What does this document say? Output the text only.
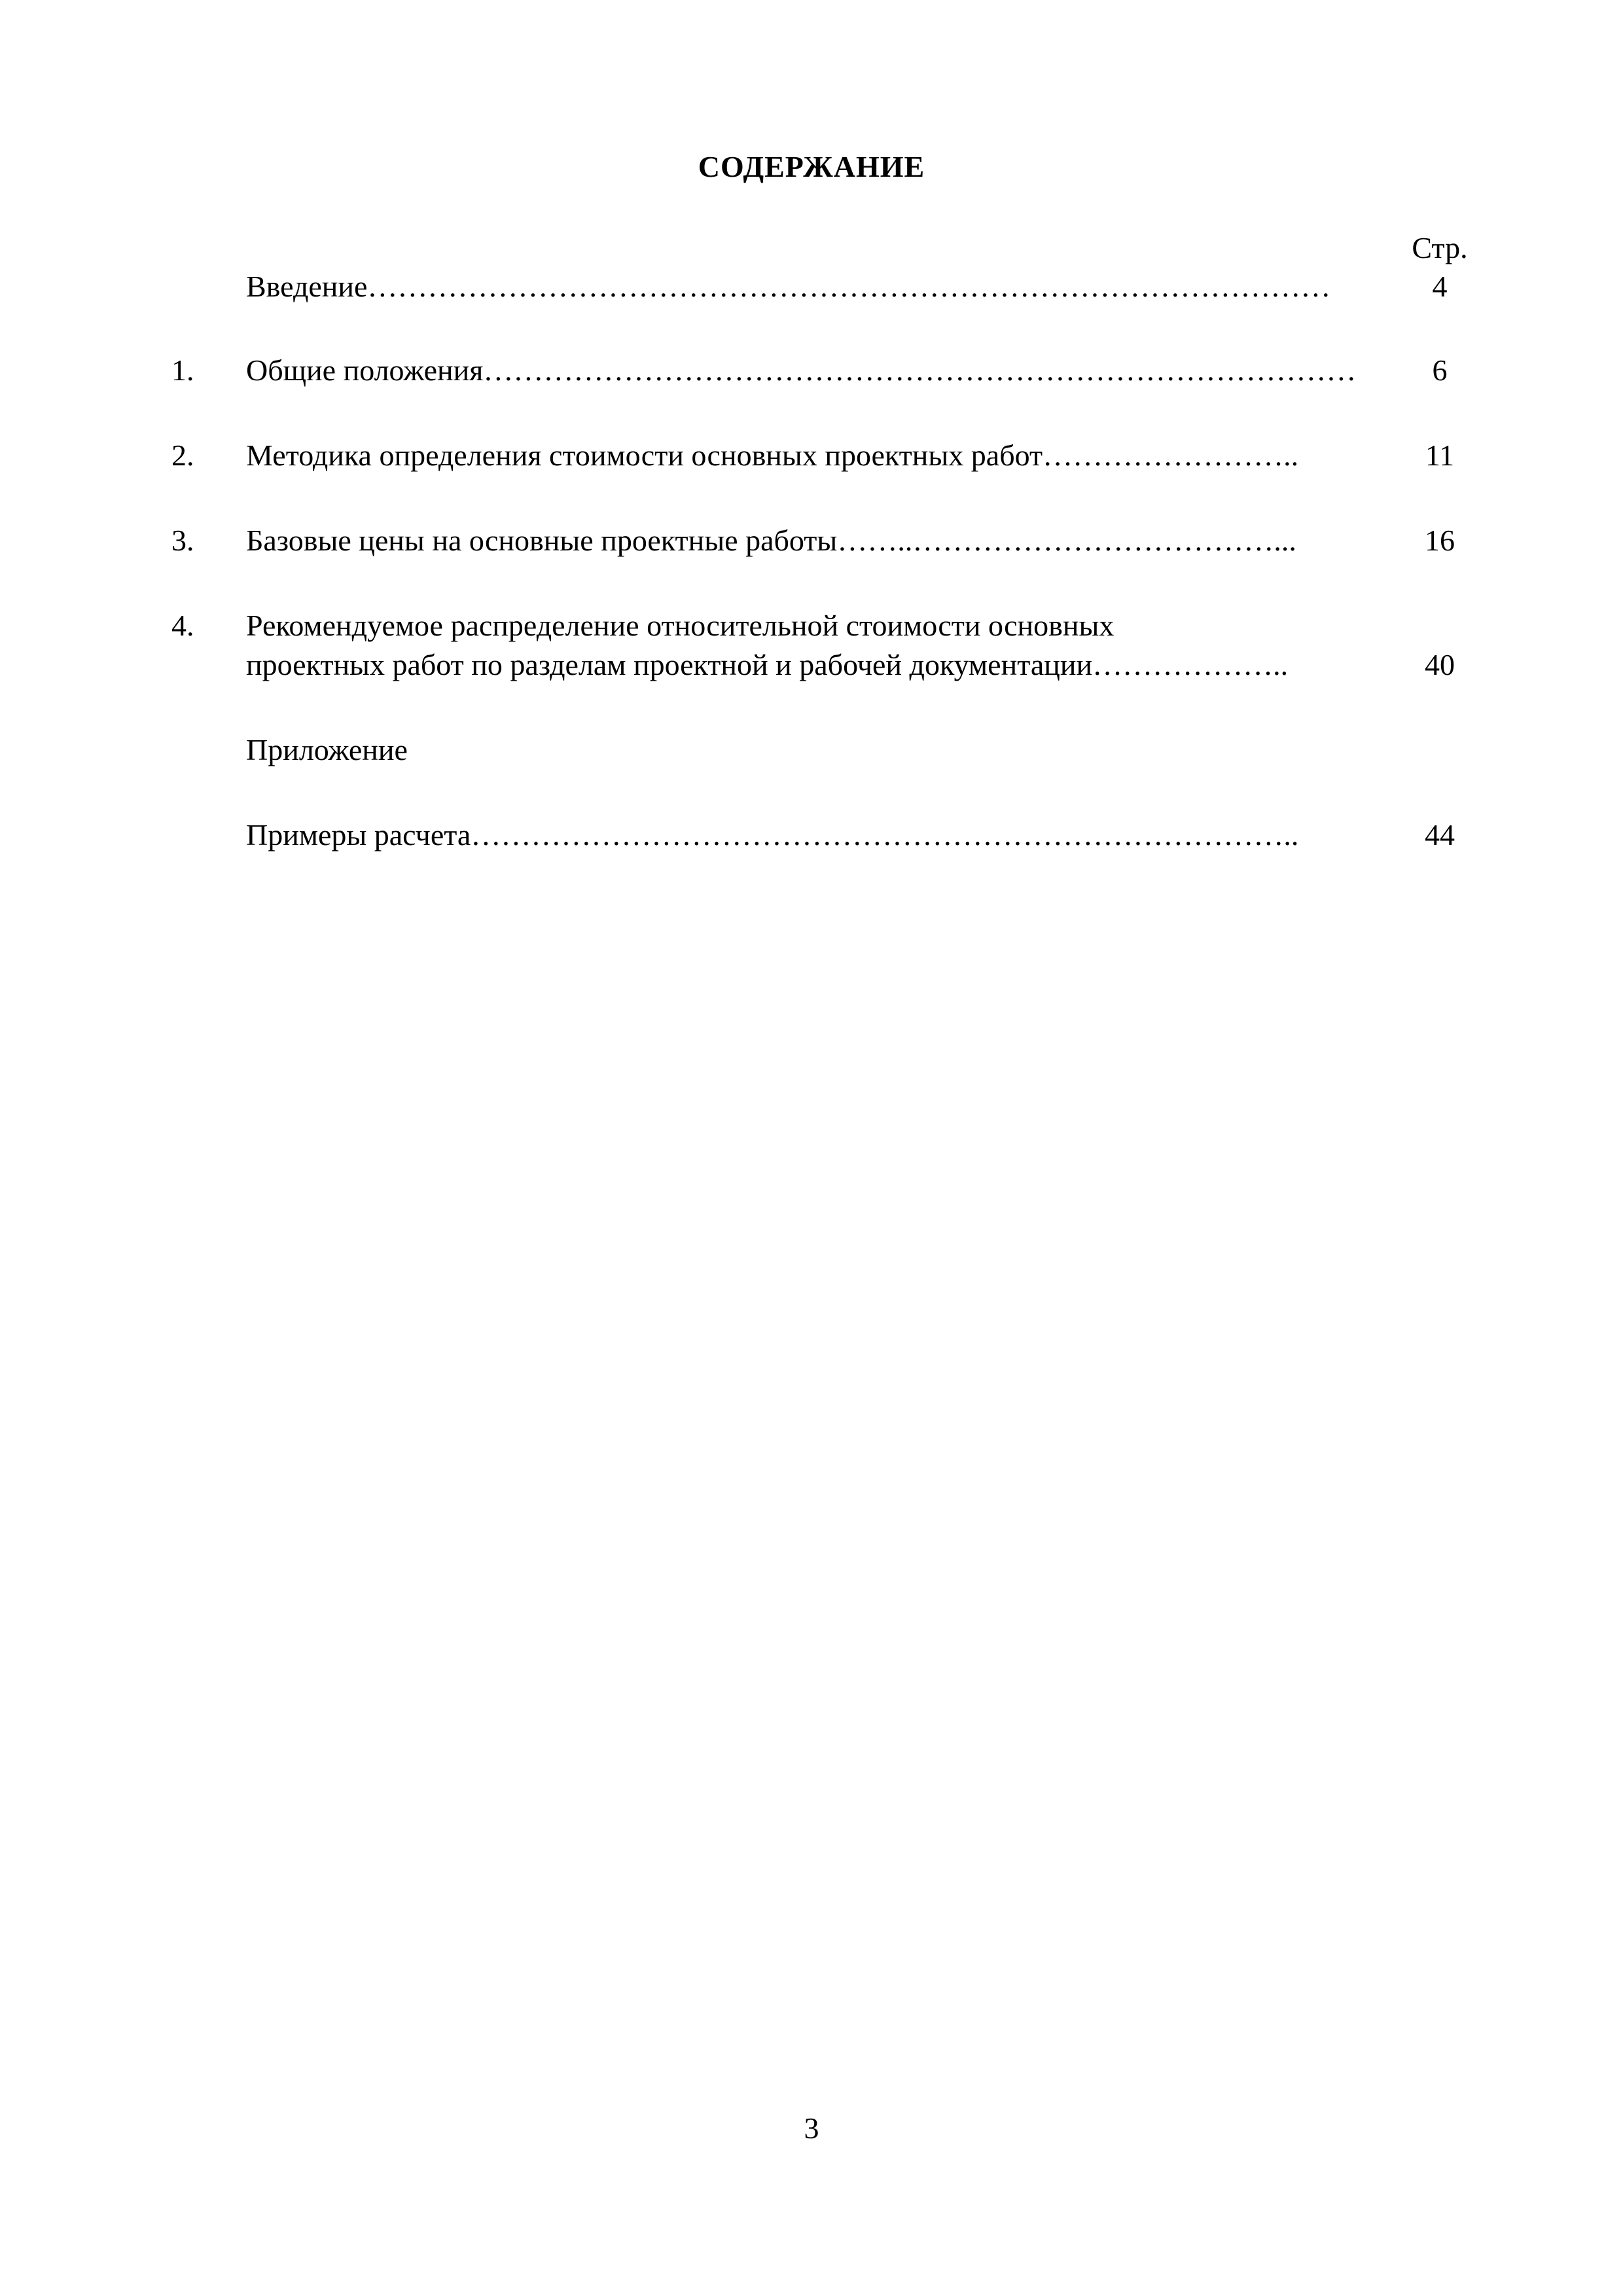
СОДЕРЖАНИЕ
Стр.
Введение……………………………………………………………………………………	4
1. Общие положения……………………………………………………………………………	6
2. Методика определения стоимости основных проектных работ……………………..	11
3. Базовые цены на основные проектные работы……..………………………………...	16
4. Рекомендуемое распределение относительной стоимости основных
проектных работ по разделам проектной и рабочей документации………………..	40
Приложение
Примеры расчета………………………………………………………………………..	44
3
